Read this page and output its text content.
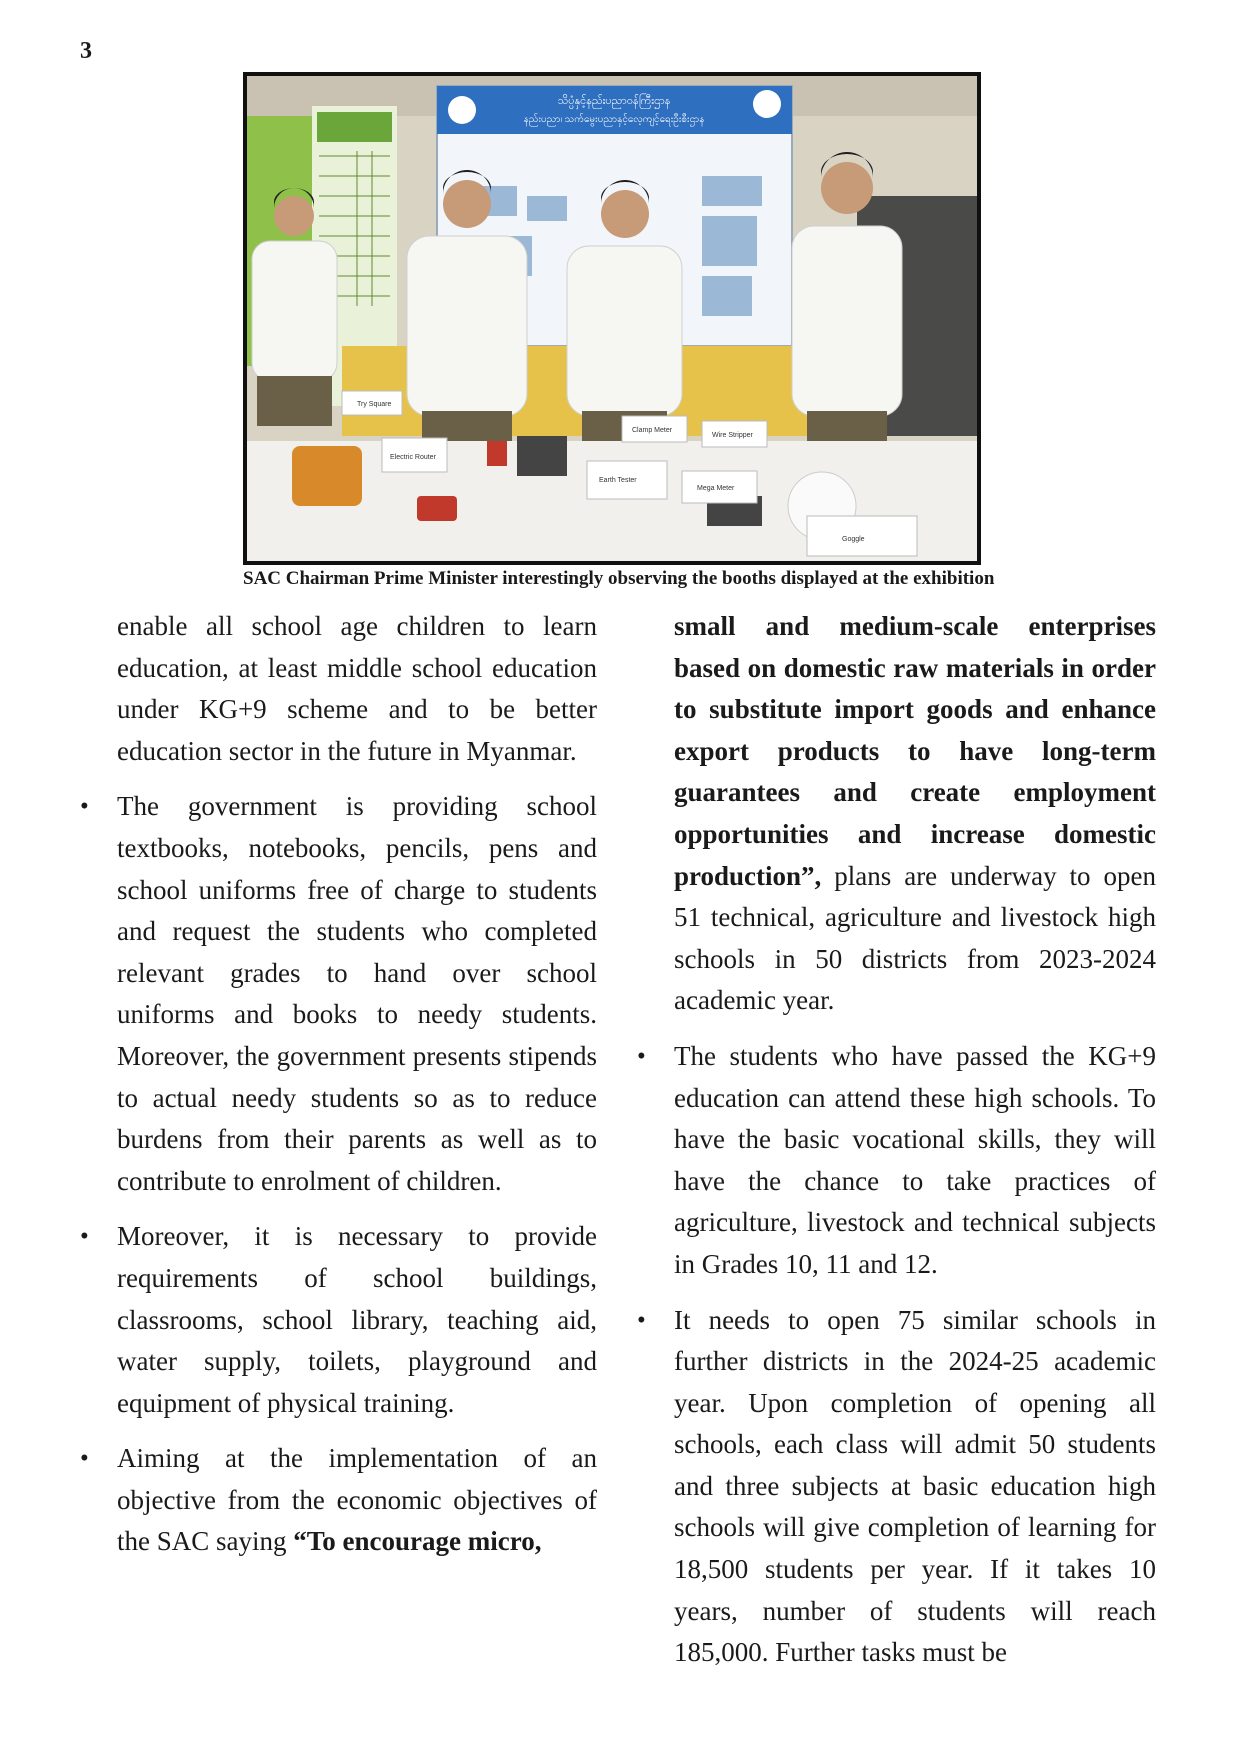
3
သိပ္ပံနှင့်နည်းပညာဝန်ကြီးဌာန
နည်းပညာ၊ သက်မွေးပညာနှင့်လေ့ကျင့်ရေးဦးစီးဌာန
Try Square
Electric Router
Clamp Meter
Wire Stripper
Earth Tester
Mega Meter
Goggle
SAC Chairman Prime Minister interestingly observing the booths displayed at the exhibition

enable all school age children to learn education, at least middle school education under KG+9 scheme and to be better education sector in the future in Myanmar.

• The government is providing school textbooks, notebooks, pencils, pens and school uniforms free of charge to students and request the students who completed relevant grades to hand over school uniforms and books to needy students. Moreover, the government presents stipends to actual needy students so as to reduce burdens from their parents as well as to contribute to enrolment of children.
• Moreover, it is necessary to provide requirements of school buildings, classrooms, school library, teaching aid, water supply, toilets, playground and equipment of physical training.
• Aiming at the implementation of an objective from the economic objectives of the SAC saying “To encourage micro,

small and medium-scale enterprises based on domestic raw materials in order to substitute import goods and enhance export products to have long-term guarantees and create employment opportunities and increase domestic production”, plans are underway to open 51 technical, agriculture and livestock high schools in 50 districts from 2023-2024 academic year.

• The students who have passed the KG+9 education can attend these high schools. To have the basic vocational skills, they will have the chance to take practices of agriculture, livestock and technical subjects in Grades 10, 11 and 12.
• It needs to open 75 similar schools in further districts in the 2024-25 academic year. Upon completion of opening all schools, each class will admit 50 students and three subjects at basic education high schools will give completion of learning for 18,500 students per year. If it takes 10 years, number of students will reach 185,000. Further tasks must be
